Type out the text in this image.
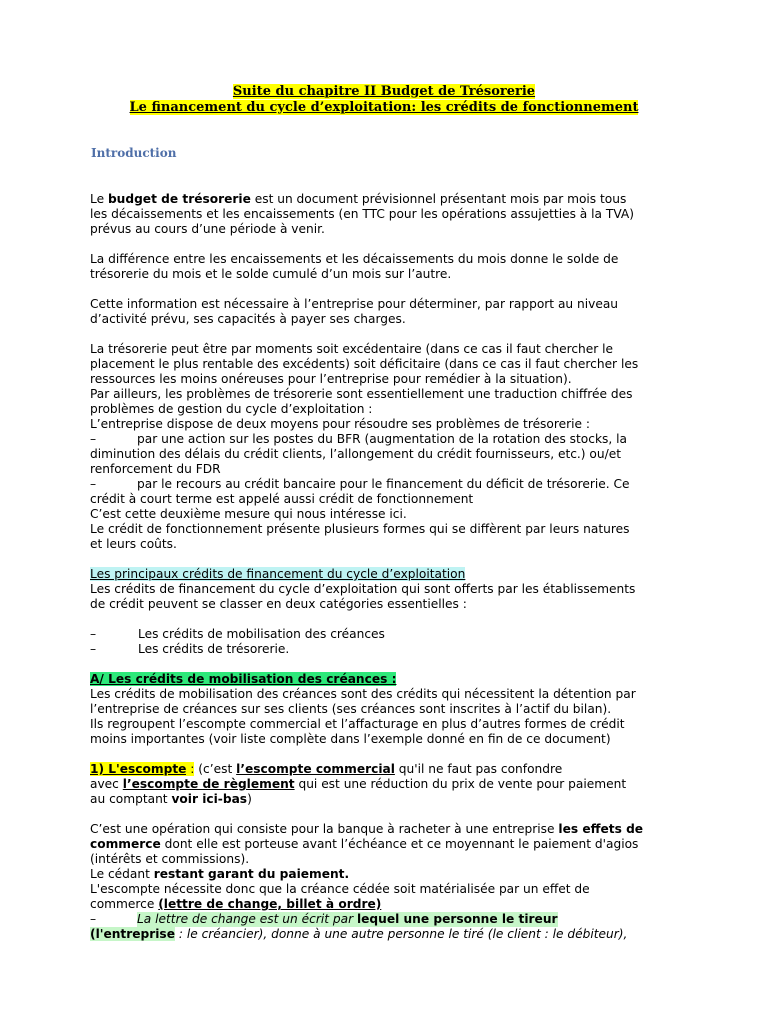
Suite du chapitre II Budget de Trésorerie
Le financement du cycle d’exploitation: les crédits de fonctionnement
Introduction

Le budget de trésorerie est un document prévisionnel présentant mois par mois tous

les décaissements et les encaissements (en TTC pour les opérations assujetties à la TVA)

prévus au cours d’une période à venir.

La différence entre les encaissements et les décaissements du mois donne le solde de

trésorerie du mois et le solde cumulé d’un mois sur l’autre.

Cette information est nécessaire à l’entreprise pour déterminer, par rapport au niveau

d’activité prévu, ses capacités à payer ses charges.

La trésorerie peut être par moments soit excédentaire (dans ce cas il faut chercher le

placement le plus rentable des excédents) soit déficitaire (dans ce cas il faut chercher les

ressources les moins onéreuses pour l’entreprise pour remédier à la situation).

Par ailleurs, les problèmes de trésorerie sont essentiellement une traduction chiffrée des

problèmes de gestion du cycle d’exploitation :

L’entreprise dispose de deux moyens pour résoudre ses problèmes de trésorerie :

–	par une action sur les postes du BFR (augmentation de la rotation des stocks, la

diminution des délais du crédit clients, l’allongement du crédit fournisseurs, etc.) ou/et

renforcement du FDR

–	par le recours au crédit bancaire pour le financement du déficit de trésorerie. Ce

crédit à court terme est appelé aussi crédit de fonctionnement

C’est cette deuxième mesure qui nous intéresse ici.

Le crédit de fonctionnement présente plusieurs formes qui se diffèrent par leurs natures

et leurs coûts.

Les principaux crédits de financement du cycle d’exploitation

Les crédits de financement du cycle d’exploitation qui sont offerts par les établissements

de crédit peuvent se classer en deux catégories essentielles :

–	Les crédits de mobilisation des créances

–	Les crédits de trésorerie.

A/ Les crédits de mobilisation des créances :

Les crédits de mobilisation des créances sont des crédits qui nécessitent la détention par

l’entreprise de créances sur ses clients (ses créances sont inscrites à l’actif du bilan).

Ils regroupent l’escompte commercial et l’affacturage en plus d’autres formes de crédit

moins importantes (voir liste complète dans l’exemple donné en fin de ce document)

1) L'escompte : (c’est l’escompte commercial qu'il ne faut pas confondre

avec l’escompte de règlement qui est une réduction du prix de vente pour paiement

au comptant voir ici-bas)

C’est une opération qui consiste pour la banque à racheter à une entreprise les effets de

commerce dont elle est porteuse avant l’échéance et ce moyennant le paiement d'agios

(intérêts et commissions).

Le cédant restant garant du paiement.

L'escompte nécessite donc que la créance cédée soit matérialisée par un effet de

commerce (lettre de change, billet à ordre)

–	La lettre de change est un écrit par lequel une personne le tireur

(l'entreprise : le créancier), donne à une autre personne le tiré (le client : le débiteur),
